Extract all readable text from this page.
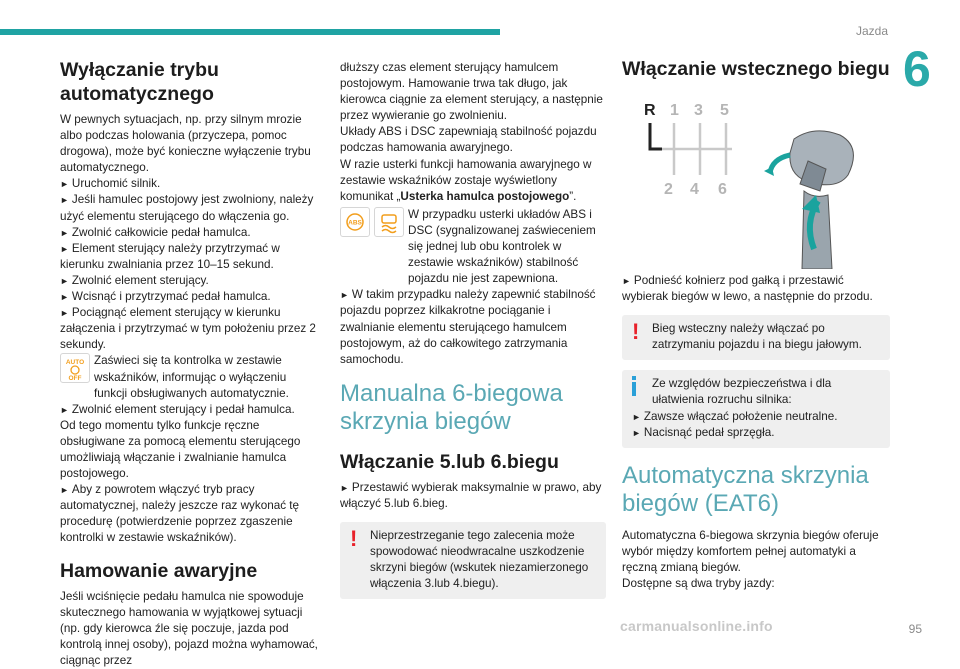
Jazda
6
Wyłączanie trybu automatycznego

W pewnych sytuacjach, np. przy silnym mrozie albo podczas holowania (przyczepa, pomoc drogowa), może być konieczne wyłączenie trybu automatycznego.

► Uruchomić silnik.

► Jeśli hamulec postojowy jest zwolniony, należy użyć elementu sterującego do włączenia go.

► Zwolnić całkowicie pedał hamulca.

► Element sterujący należy przytrzymać w kierunku zwalniania przez 10–15 sekund.

► Zwolnić element sterujący.

► Wcisnąć i przytrzymać pedał hamulca.

► Pociągnąć element sterujący w kierunku załączenia i przytrzymać w tym położeniu przez 2 sekundy.

AUTO
OFF

Zaświeci się ta kontrolka w zestawie wskaźników, informując o wyłączeniu funkcji obsługiwanych automatycznie.

► Zwolnić element sterujący i pedał hamulca.

Od tego momentu tylko funkcje ręczne obsługiwane za pomocą elementu sterującego umożliwiają włączanie i zwalnianie hamulca postojowego.

► Aby z powrotem włączyć tryb pracy automatycznej, należy jeszcze raz wykonać tę procedurę (potwierdzenie poprzez zgaszenie kontrolki w zestawie wskaźników).

Hamowanie awaryjne

Jeśli wciśnięcie pedału hamulca nie spowoduje skutecznego hamowania w wyjątkowej sytuacji (np. gdy kierowca źle się poczuje, jazda pod kontrolą innej osoby), pojazd można wyhamować, ciągnąc przez

dłuższy czas element sterujący hamulcem postojowym. Hamowanie trwa tak długo, jak kierowca ciągnie za element sterujący, a następnie przez wywieranie go zwolnieniu.

Układy ABS i DSC zapewniają stabilność pojazdu podczas hamowania awaryjnego.

W razie usterki funkcji hamowania awaryjnego w zestawie wskaźników zostaje wyświetlony komunikat „Usterka hamulca postojowego”.

ABS

W przypadku usterki układów ABS i DSC (sygnalizowanej zaświeceniem się jednej lub obu kontrolek w zestawie wskaźników) stabilność pojazdu nie jest zapewniona.

► W takim przypadku należy zapewnić stabilność pojazdu poprzez kilkakrotne pociąganie i zwalnianie elementu sterującego hamulcem postojowym, aż do całkowitego zatrzymania samochodu.

Manualna 6-biegowa skrzynia biegów
Włączanie 5.lub 6.biegu

► Przestawić wybierak maksymalnie w prawo, aby włączyć 5.lub 6.bieg.

!	Nieprzestrzeganie tego zalecenia może spowodować nieodwracalne uszkodzenie skrzyni biegów (wskutek niezamierzonego włączenia 3.lub 4.biegu).

Włączanie wstecznego biegu
R 1 3 5
2 4 6

► Podnieść kołnierz pod gałką i przestawić wybierak biegów w lewo, a następnie do przodu.

!	Bieg wsteczny należy włączać po zatrzymaniu pojazdu i na biegu jałowym.

Ze względów bezpieczeństwa i dla ułatwienia rozruchu silnika:

► Zawsze włączać położenie neutralne.

► Nacisnąć pedał sprzęgła.

Automatyczna skrzynia biegów (EAT6)

Automatyczna 6-biegowa skrzynia biegów oferuje wybór między komfortem pełnej automatyki a ręczną zmianą biegów.

Dostępne są dwa tryby jazdy:

carmanualsonline.info	95
